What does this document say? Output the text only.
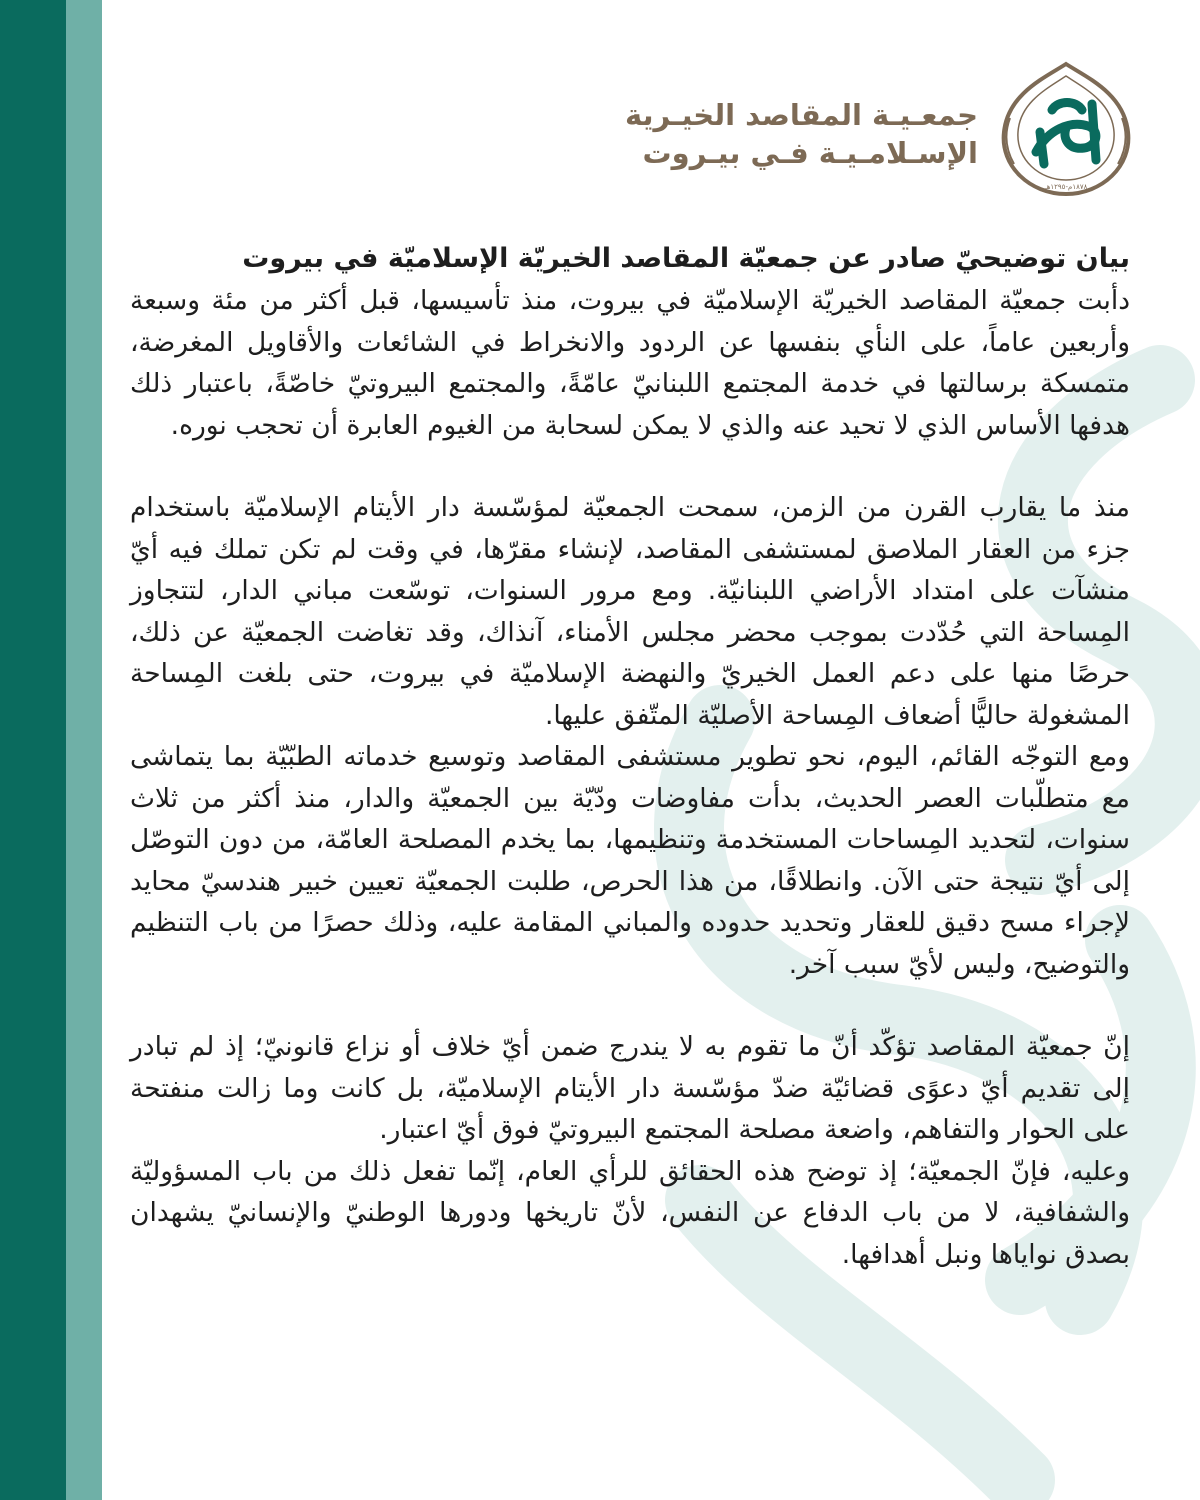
جمعـيـة المقاصد الخيـرية
الإسـلامـيـة فـي بيـروت
١٨٧٨م-١٢٩٥هـ
بيان توضيحيّ صادر عن جمعيّة المقاصد الخيريّة الإسلاميّة في بيروت

دأبت جمعيّة المقاصد الخيريّة الإسلاميّة في بيروت، منذ تأسيسها، قبل أكثر من مئة وسبعة وأربعين عاماً، على النأي بنفسها عن الردود والانخراط في الشائعات والأقاويل المغرضة، متمسكة برسالتها في خدمة المجتمع اللبنانيّ عامّةً، والمجتمع البيروتيّ خاصّةً، باعتبار ذلك هدفها الأساس الذي لا تحيد عنه والذي لا يمكن لسحابة من الغيوم العابرة أن تحجب نوره.

منذ ما يقارب القرن من الزمن، سمحت الجمعيّة لمؤسّسة دار الأيتام الإسلاميّة باستخدام جزء من العقار الملاصق لمستشفى المقاصد، لإنشاء مقرّها، في وقت لم تكن تملك فيه أيّ منشآت على امتداد الأراضي اللبنانيّة. ومع مرور السنوات، توسّعت مباني الدار، لتتجاوز المِساحة التي حُدّدت بموجب محضر مجلس الأمناء، آنذاك، وقد تغاضت الجمعيّة عن ذلك، حرصًا منها على دعم العمل الخيريّ والنهضة الإسلاميّة في بيروت، حتى بلغت المِساحة المشغولة حاليًّا أضعاف المِساحة الأصليّة المتّفق عليها.

ومع التوجّه القائم، اليوم، نحو تطوير مستشفى المقاصد وتوسيع خدماته الطبّيّة بما يتماشى مع متطلّبات العصر الحديث، بدأت مفاوضات ودّيّة بين الجمعيّة والدار، منذ أكثر من ثلاث سنوات، لتحديد المِساحات المستخدمة وتنظيمها، بما يخدم المصلحة العامّة، من دون التوصّل إلى أيّ نتيجة حتى الآن. وانطلاقًا، من هذا الحرص، طلبت الجمعيّة تعيين خبير هندسيّ محايد لإجراء مسح دقيق للعقار وتحديد حدوده والمباني المقامة عليه، وذلك حصرًا من باب التنظيم والتوضيح، وليس لأيّ سبب آخر.

إنّ جمعيّة المقاصد تؤكّد أنّ ما تقوم به لا يندرج ضمن أيّ خلاف أو نزاع قانونيّ؛ إذ لم تبادر إلى تقديم أيّ دعوًى قضائيّة ضدّ مؤسّسة دار الأيتام الإسلاميّة، بل كانت وما زالت منفتحة على الحوار والتفاهم، واضعة مصلحة المجتمع البيروتيّ فوق أيّ اعتبار.

وعليه، فإنّ الجمعيّة؛ إذ توضح هذه الحقائق للرأي العام، إنّما تفعل ذلك من باب المسؤوليّة والشفافية، لا من باب الدفاع عن النفس، لأنّ تاريخها ودورها الوطنيّ والإنسانيّ يشهدان بصدق نواياها ونبل أهدافها.
